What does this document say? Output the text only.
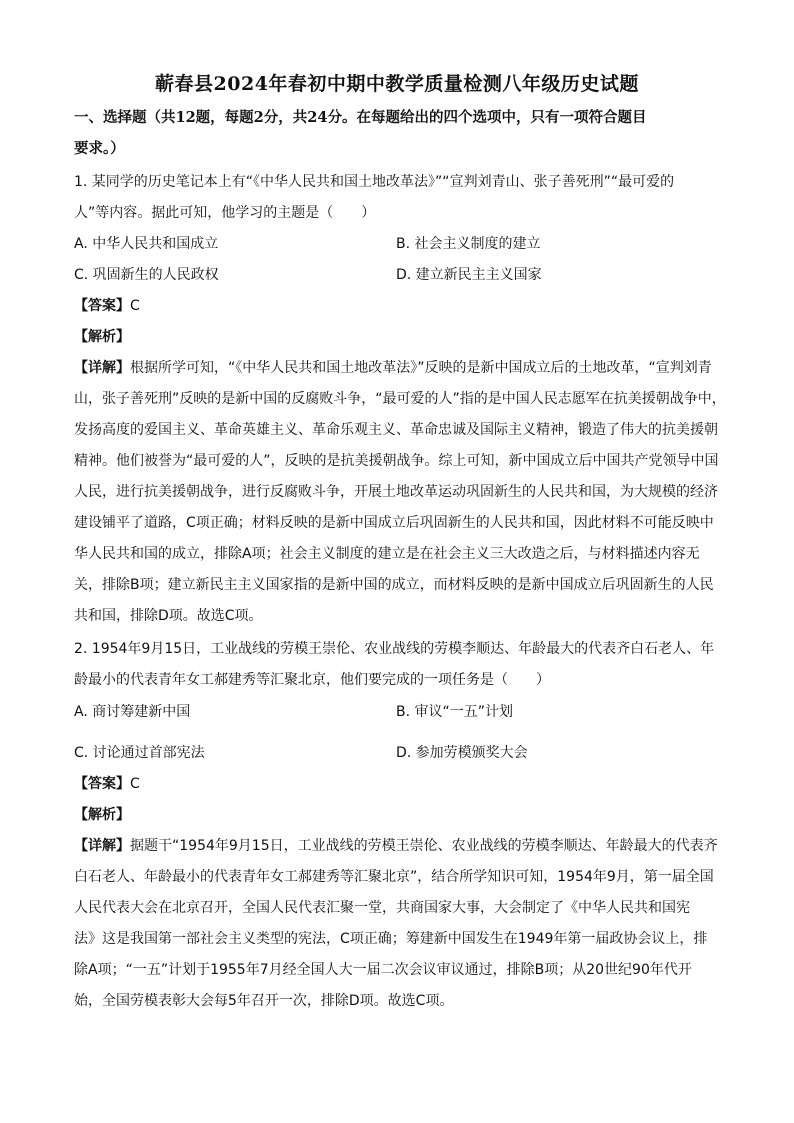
蕲春县2024年春初中期中教学质量检测八年级历史试题
一、选择题（共12题，每题2分，共24分。在每题给出的四个选项中，只有一项符合题目
要求。）
1. 某同学的历史笔记本上有“《中华人民共和国土地改革法》”“宣判刘青山、张子善死刑”“最可爱的
人”等内容。据此可知，他学习的主题是（　　）
A. 中华人民共和国成立	B. 社会主义制度的建立
C. 巩固新生的人民政权	D. 建立新民主主义国家
【答案】C
【解析】
【详解】根据所学可知，“《中华人民共和国土地改革法》”反映的是新中国成立后的土地改革，“宣判刘青
山，张子善死刑”反映的是新中国的反腐败斗争，“最可爱的人”指的是中国人民志愿军在抗美援朝战争中，
发扬高度的爱国主义、革命英雄主义、革命乐观主义、革命忠诚及国际主义精神，锻造了伟大的抗美援朝
精神。他们被誉为“最可爱的人”，反映的是抗美援朝战争。综上可知，新中国成立后中国共产党领导中国
人民，进行抗美援朝战争，进行反腐败斗争，开展土地改革运动巩固新生的人民共和国，为大规模的经济
建设铺平了道路，C项正确；材料反映的是新中国成立后巩固新生的人民共和国，因此材料不可能反映中
华人民共和国的成立，排除A项；社会主义制度的建立是在社会主义三大改造之后，与材料描述内容无
关，排除B项；建立新民主主义国家指的是新中国的成立，而材料反映的是新中国成立后巩固新生的人民
共和国，排除D项。故选C项。
2. 1954年9月15日，工业战线的劳模王崇伦、农业战线的劳模李顺达、年龄最大的代表齐白石老人、年
龄最小的代表青年女工郝建秀等汇聚北京，他们要完成的一项任务是（　　）
A. 商讨筹建新中国	B. 审议“一五”计划
C. 讨论通过首部宪法	D. 参加劳模颁奖大会
【答案】C
【解析】
【详解】据题干“1954年9月15日，工业战线的劳模王崇伦、农业战线的劳模李顺达、年龄最大的代表齐
白石老人、年龄最小的代表青年女工郝建秀等汇聚北京”，结合所学知识可知，1954年9月，第一届全国
人民代表大会在北京召开，全国人民代表汇聚一堂，共商国家大事，大会制定了《中华人民共和国宪
法》这是我国第一部社会主义类型的宪法，C项正确；筹建新中国发生在1949年第一届政协会议上，排
除A项；“一五”计划于1955年7月经全国人大一届二次会议审议通过，排除B项；从20世纪90年代开
始，全国劳模表彰大会每5年召开一次，排除D项。故选C项。
